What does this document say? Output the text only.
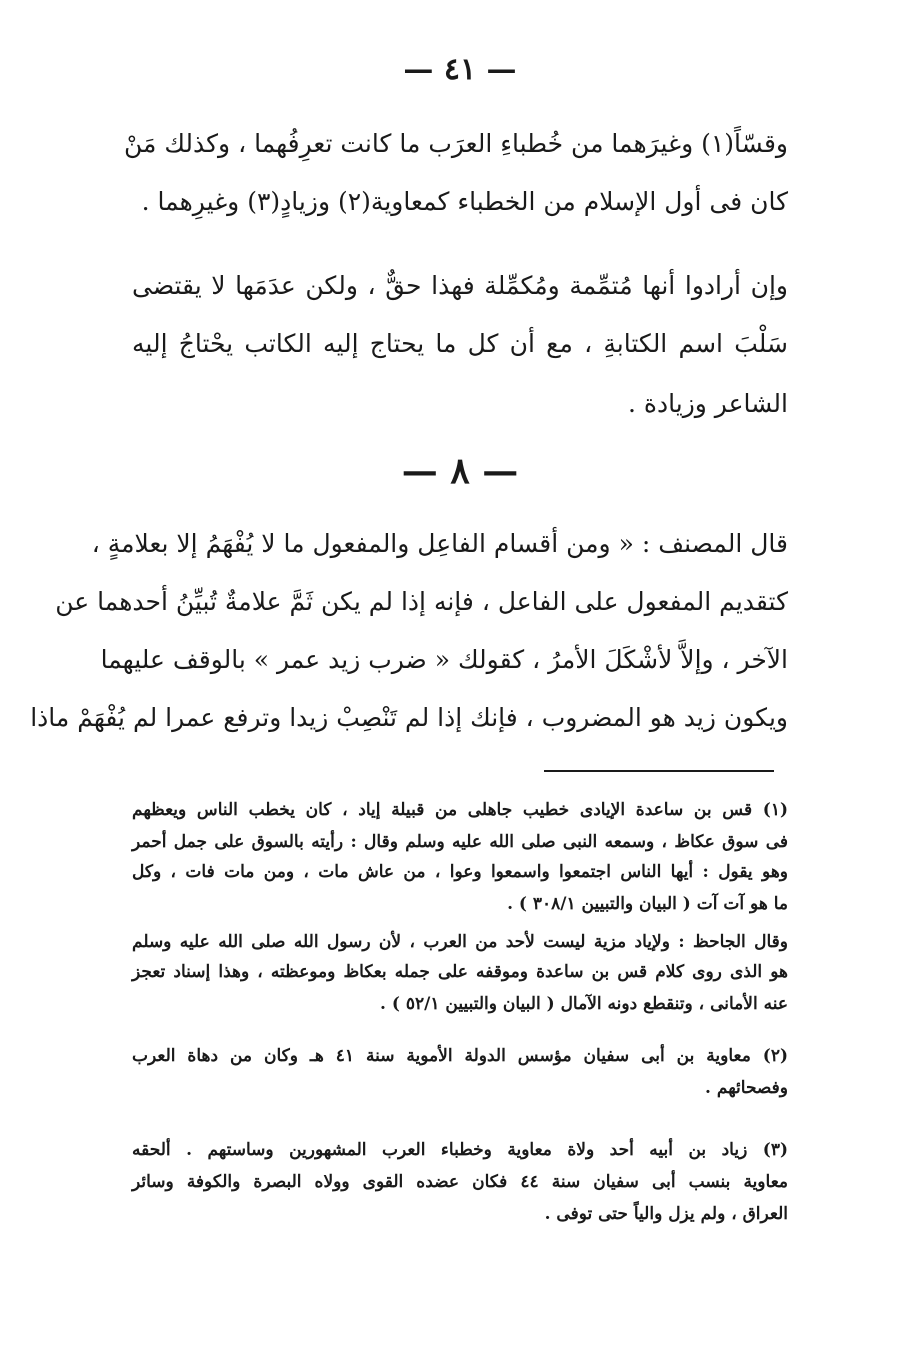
— ٤١ —
وقسّاً(١) وغيرَهما من خُطباءِ العرَب ما كانت تعرِفُهما ، وكذلك مَنْ
كان فى أول الإسلام من الخطباء كمعاوية(٢) وزيادٍ(٣) وغيرِهما .
وإن أرادوا أنها مُتمِّمة ومُكمِّلة فهذا حقٌّ ، ولكن عدَمَها لا يقتضى
سَلْبَ اسم الكتابةِ ، مع أن كل ما يحتاج إليه الكاتب يحْتاجُ إليه
الشاعر وزيادة .
— ٨ —
قال المصنف : « ومن أقسام الفاعِل والمفعول ما لا يُفْهَمُ إلا بعلامةٍ ،
كتقديم المفعول على الفاعل ، فإنه إذا لم يكن ثَمَّ علامةٌ تُبيِّنُ أحدهما عن
الآخر ، وإلاَّ لأشْكَلَ الأمرُ ، كقولك « ضرب زيد عمر » بالوقف عليهما
ويكون زيد هو المضروب ، فإنك إذا لم تَنْصِبْ زيدا وترفع عمرا لم يُفْهَمْ ماذا
(١) قس بن ساعدة الإيادى خطيب جاهلى من قبيلة إياد ، كان يخطب الناس ويعظهم
فى سوق عكاظ ، وسمعه النبى صلى الله عليه وسلم وقال : رأيته بالسوق على جمل أحمر
وهو يقول : أيها الناس اجتمعوا واسمعوا وعوا ، من عاش مات ، ومن مات فات ، وكل
ما هو آت آت ( البيان والتبيين ٣٠٨/١ ) .
وقال الجاحظ : ولإياد مزية ليست لأحد من العرب ، لأن رسول الله صلى الله عليه وسلم
هو الذى روى كلام قس بن ساعدة وموقفه على جمله بعكاظ وموعظته ، وهذا إسناد تعجز
عنه الأمانى ، وتنقطع دونه الآمال ( البيان والتبيين ٥٢/١ ) .
(٢) معاوية بن أبى سفيان مؤسس الدولة الأموية سنة ٤١ هـ وكان من دهاة العرب
وفصحائهم .
(٣) زياد بن أبيه أحد ولاة معاوية وخطباء العرب المشهورين وساستهم . ألحقه
معاوية بنسب أبى سفيان سنة ٤٤ فكان عضده القوى وولاه البصرة والكوفة وسائر
العراق ، ولم يزل والياً حتى توفى .
